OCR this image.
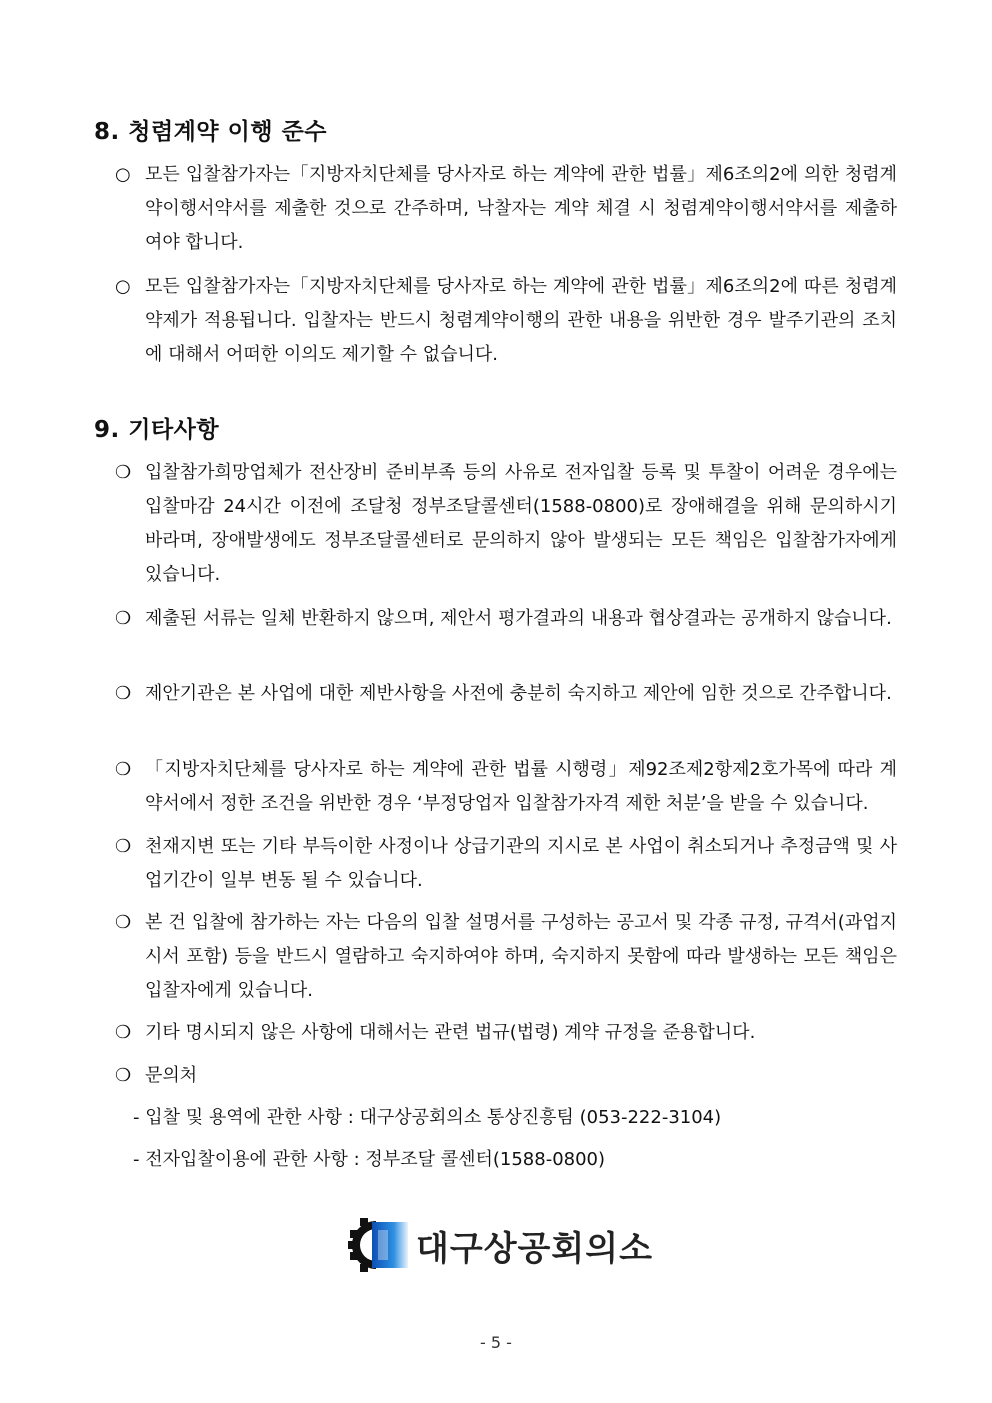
8. 청렴계약 이행 준수
○ 모든 입찰참가자는「지방자치단체를 당사자로 하는 계약에 관한 법률」제6조의2에 의한 청렴계약이행서약서를 제출한 것으로 간주하며, 낙찰자는 계약 체결 시 청렴계약이행서약서를 제출하여야 합니다.
○ 모든 입찰참가자는「지방자치단체를 당사자로 하는 계약에 관한 법률」제6조의2에 따른 청렴계약제가 적용됩니다. 입찰자는 반드시 청렴계약이행의 관한 내용을 위반한 경우 발주기관의 조치에 대해서 어떠한 이의도 제기할 수 없습니다.
9. 기타사항
❍ 입찰참가희망업체가 전산장비 준비부족 등의 사유로 전자입찰 등록 및 투찰이 어려운 경우에는 입찰마감 24시간 이전에 조달청 정부조달콜센터(1588-0800)로 장애해결을 위해 문의하시기 바라며, 장애발생에도 정부조달콜센터로 문의하지 않아 발생되는 모든 책임은 입찰참가자에게 있습니다.
❍ 제출된 서류는 일체 반환하지 않으며, 제안서 평가결과의 내용과 협상결과는 공개하지 않습니다.
❍ 제안기관은 본 사업에 대한 제반사항을 사전에 충분히 숙지하고 제안에 임한 것으로 간주합니다.
❍ 「지방자치단체를 당사자로 하는 계약에 관한 법률 시행령」제92조제2항제2호가목에 따라 계약서에서 정한 조건을 위반한 경우 ‘부정당업자 입찰참가자격 제한 처분’을 받을 수 있습니다.
❍ 천재지변 또는 기타 부득이한 사정이나 상급기관의 지시로 본 사업이 취소되거나 추정금액 및 사업기간이 일부 변동 될 수 있습니다.
❍ 본 건 입찰에 참가하는 자는 다음의 입찰 설명서를 구성하는 공고서 및 각종 규정, 규격서(과업지시서 포함) 등을 반드시 열람하고 숙지하여야 하며, 숙지하지 못함에 따라 발생하는 모든 책임은 입찰자에게 있습니다.
❍ 기타 명시되지 않은 사항에 대해서는 관련 법규(법령) 계약 규정을 준용합니다.
❍ 문의처
- 입찰 및 용역에 관한 사항 : 대구상공회의소 통상진흥팀 (053-222-3104)
- 전자입찰이용에 관한 사항 : 정부조달 콜센터(1588-0800)
대구상공회의소
- 5 -
